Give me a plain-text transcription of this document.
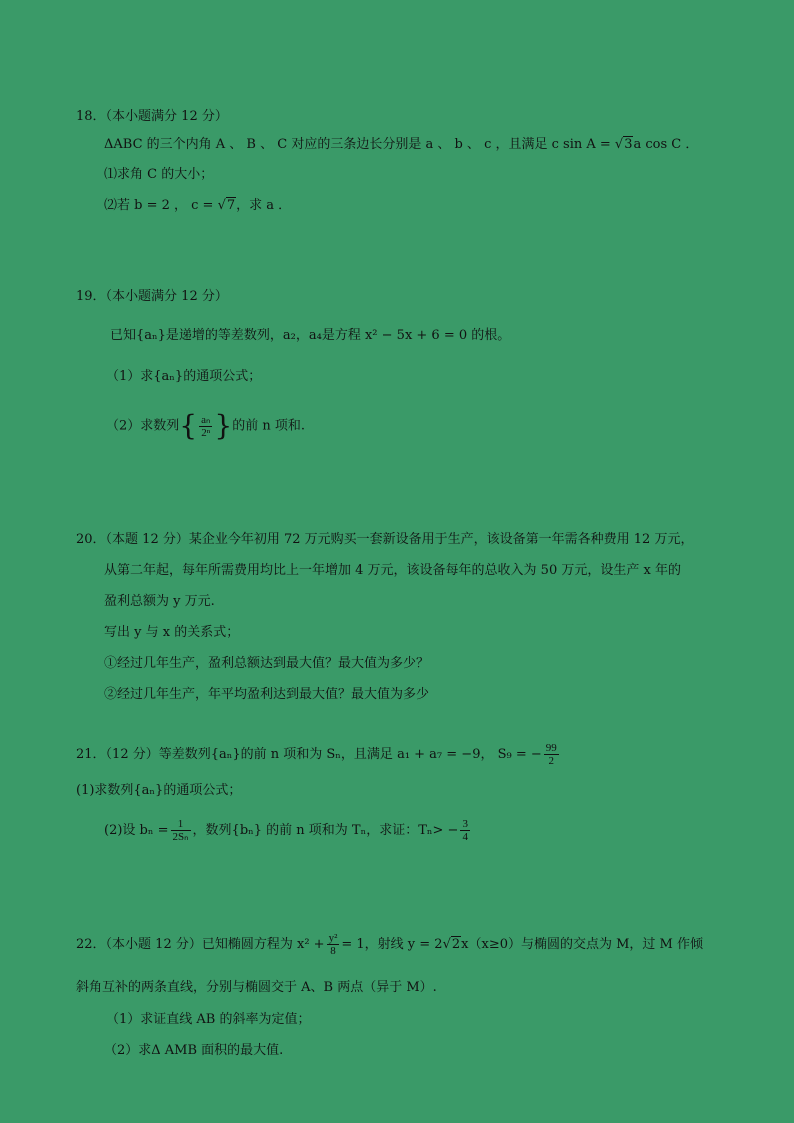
18．（本小题满分 12 分）
ΔABC 的三个内角 A 、 B 、 C 对应的三条边长分别是 a 、 b 、 c ，且满足 c sin A = √3a cos C ．
⑴求角 C 的大小；
⑵若 b = 2 ， c = √7，求 a ．
19．（本小题满分 12 分）
已知{aₙ}是递增的等差数列，a₂，a₄是方程 x² − 5x + 6 = 0 的根。
（1）求{aₙ}的通项公式；
（2）求数列{ $\frac{\text{aₙ}}{\text{2ⁿ}}$ }的前 n 项和.
20．（本题 12 分）某企业今年初用 72 万元购买一套新设备用于生产，该设备第一年需各种费用 12 万元，
从第二年起，每年所需费用均比上一年增加 4 万元，该设备每年的总收入为 50 万元，设生产 x 年的
盈利总额为 y 万元.
写出 y 与 x 的关系式；
①经过几年生产，盈利总额达到最大值？最大值为多少？
②经过几年生产，年平均盈利达到最大值？最大值为多少
21．（12 分）等差数列{aₙ}的前 n 项和为 Sₙ，且满足 a₁ + a₇ = −9， S₉ = − $\frac{99}{2}$
(1)求数列{aₙ}的通项公式；
(2)设 $b_n = \frac{1}{\text{2Sₙ}}$ ，数列{bₙ} 的前 n 项和为 Tₙ，求证：$T_n> - \frac{3}{4}$
22．（本小题 12 分）已知椭圆方程为 $x^2 + \frac{\text{y²}}{8} = 1$，射线 y = 2√2x（x≥0）与椭圆的交点为 M，过 M 作倾
斜角互补的两条直线，分别与椭圆交于 A、B 两点（异于 M）.
（1）求证直线 AB 的斜率为定值；
（2）求Δ AMB 面积的最大值.
